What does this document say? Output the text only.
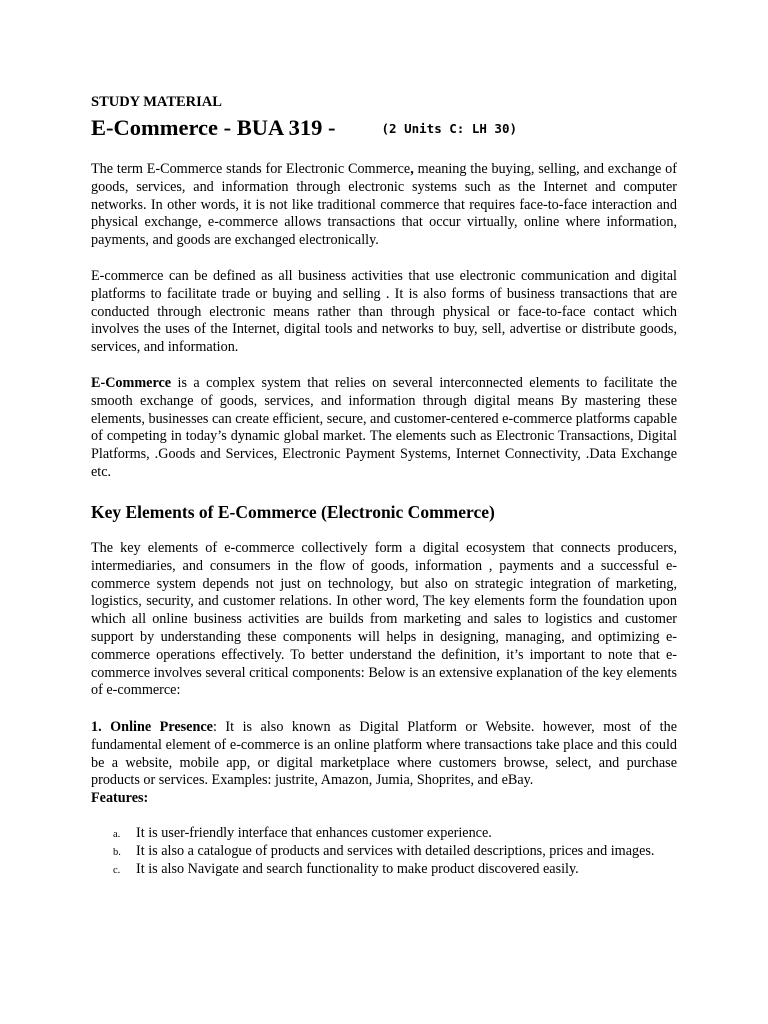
STUDY MATERIAL
E-Commerce - BUA 319 -	(2 Units C: LH 30)

The term E-Commerce stands for Electronic Commerce, meaning the buying, selling, and exchange of goods, services, and information through electronic systems such as the Internet and computer networks. In other words, it is not like traditional commerce that requires face-to-face interaction and physical exchange, e-commerce allows transactions that occur virtually, online where information, payments, and goods are exchanged electronically.

E-commerce can be defined as all business activities that use electronic communication and digital platforms to facilitate trade or buying and selling . It is also forms of business transactions that are conducted through electronic means rather than through physical or face-to-face contact which involves the uses of the Internet, digital tools and networks to buy, sell, advertise or distribute goods, services, and information.

E-Commerce is a complex system that relies on several interconnected elements to facilitate the smooth exchange of goods, services, and information through digital means By mastering these elements, businesses can create efficient, secure, and customer-centered e-commerce platforms capable of competing in today’s dynamic global market. The elements such as Electronic Transactions, Digital Platforms, .Goods and Services, Electronic Payment Systems, Internet Connectivity, .Data Exchange etc.

Key Elements of E-Commerce (Electronic Commerce)

The key elements of e-commerce collectively form a digital ecosystem that connects producers, intermediaries, and consumers in the flow of goods, information , payments and a successful e-commerce system depends not just on technology, but also on strategic integration of marketing, logistics, security, and customer relations. In other word, The key elements form the foundation upon which all online business activities are builds from marketing and sales to logistics and customer support by understanding these components will helps in designing, managing, and optimizing e-commerce operations effectively. To better understand the definition, it’s important to note that e-commerce involves several critical components: Below is an extensive explanation of the key elements of e-commerce:

1. Online Presence: It is also known as Digital Platform or Website. however, most of the fundamental element of e-commerce is an online platform where transactions take place and this could be a website, mobile app, or digital marketplace where customers browse, select, and purchase products or services. Examples: justrite, Amazon, Jumia, Shoprites, and eBay.
Features:

a. It is user-friendly interface that enhances customer experience.
b. It is also a catalogue of products and services with detailed descriptions, prices and images.
c. It is also Navigate and search functionality to make product discovered easily.
